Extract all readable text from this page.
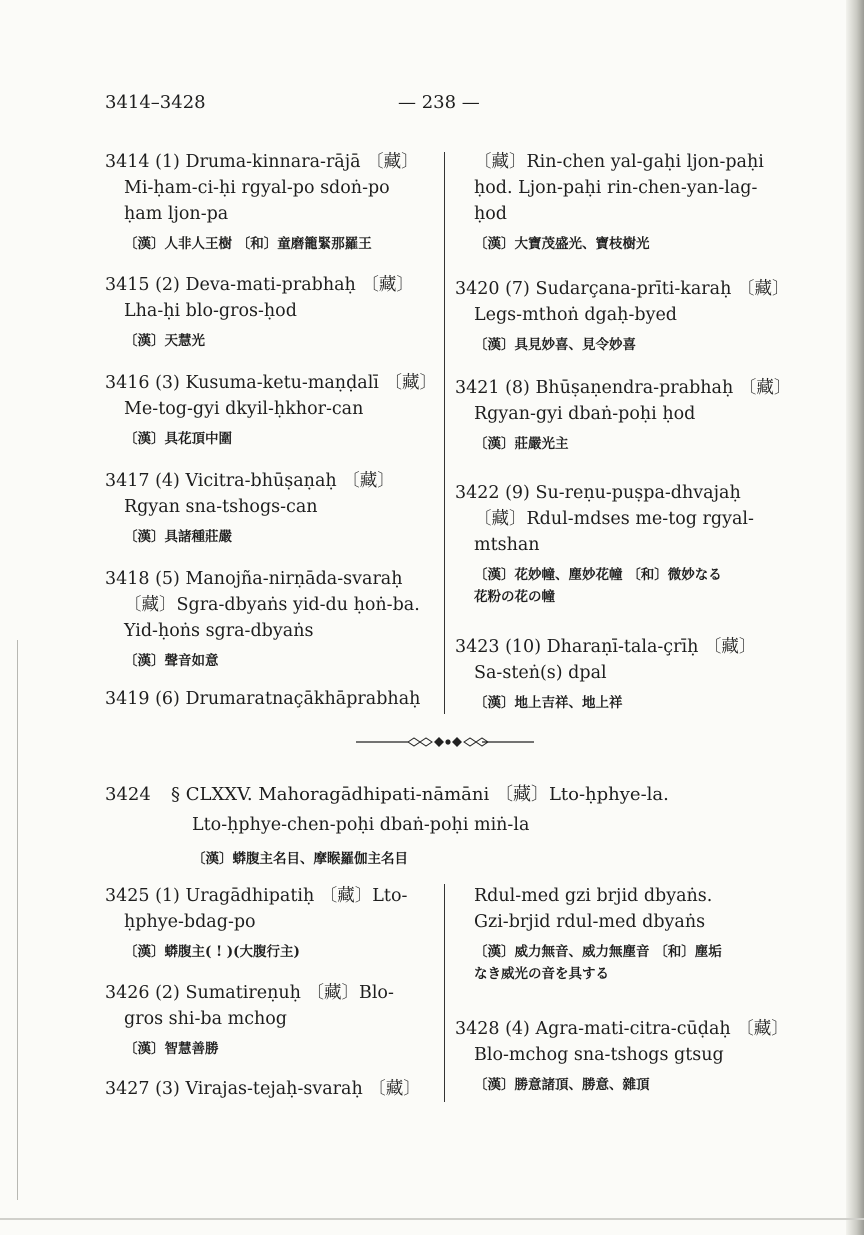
3414–3428	— 238 —
3414 (1) Druma-kinnara-rājā 〔藏〕
Mi-ḥam-ci-ḥi rgyal-po sdoṅ-po
ḥam ljon-pa
〔漢〕人非人王樹 〔和〕童磨籠緊那羅王
3415 (2) Deva-mati-prabhaḥ 〔藏〕
Lha-ḥi blo-gros-ḥod
〔漢〕天慧光
3416 (3) Kusuma-ketu-maṇḍalī 〔藏〕
Me-tog-gyi dkyil-ḥkhor-can
〔漢〕具花頂中圍
3417 (4) Vicitra-bhūṣaṇaḥ 〔藏〕
Rgyan sna-tshogs-can
〔漢〕具諸種莊嚴
3418 (5) Manojña-nirṇāda-svaraḥ
〔藏〕Sgra-dbyaṅs yid-du ḥoṅ-ba.
Yid-ḥoṅs sgra-dbyaṅs
〔漢〕聲音如意
3419 (6) Drumaratnaçākhāprabhaḥ
〔藏〕Rin-chen yal-gaḥi ljon-paḥi
ḥod. Ljon-paḥi rin-chen-yan-lag-
ḥod
〔漢〕大寶茂盛光、寶枝樹光
3420 (7) Sudarçana-prīti-karaḥ 〔藏〕
Legs-mthoṅ dgaḥ-byed
〔漢〕具見妙喜、見令妙喜
3421 (8) Bhūṣaṇendra-prabhaḥ 〔藏〕
Rgyan-gyi dbaṅ-poḥi ḥod
〔漢〕莊嚴光主
3422 (9) Su-reṇu-puṣpa-dhvajaḥ
〔藏〕Rdul-mdses me-tog rgyal-
mtshan
〔漢〕花妙幢、塵妙花幢 〔和〕微妙なる
花粉の花の幢
3423 (10) Dharaṇī-tala-çrīḥ 〔藏〕
Sa-steṅ(s) dpal
〔漢〕地上吉祥、地上祥
3424 § CLXXV. Mahoragādhipati-nāmāni 〔藏〕Lto-ḥphye-la.
Lto-ḥphye-chen-poḥi dbaṅ-poḥi miṅ-la
〔漢〕蟒腹主名目、摩睺羅伽主名目
3425 (1) Uragādhipatiḥ 〔藏〕Lto-
ḥphye-bdag-po
〔漢〕蟒腹主( ! )(大腹行主)
3426 (2) Sumatireṇuḥ 〔藏〕Blo-
gros shi-ba mchog
〔漢〕智慧善勝
3427 (3) Virajas-tejaḥ-svaraḥ 〔藏〕
Rdul-med gzi brjid dbyaṅs.
Gzi-brjid rdul-med dbyaṅs
〔漢〕威力無音、威力無塵音 〔和〕塵垢
なき威光の音を具する
3428 (4) Agra-mati-citra-cūḍaḥ 〔藏〕
Blo-mchog sna-tshogs gtsug
〔漢〕勝意諸頂、勝意、雜頂
